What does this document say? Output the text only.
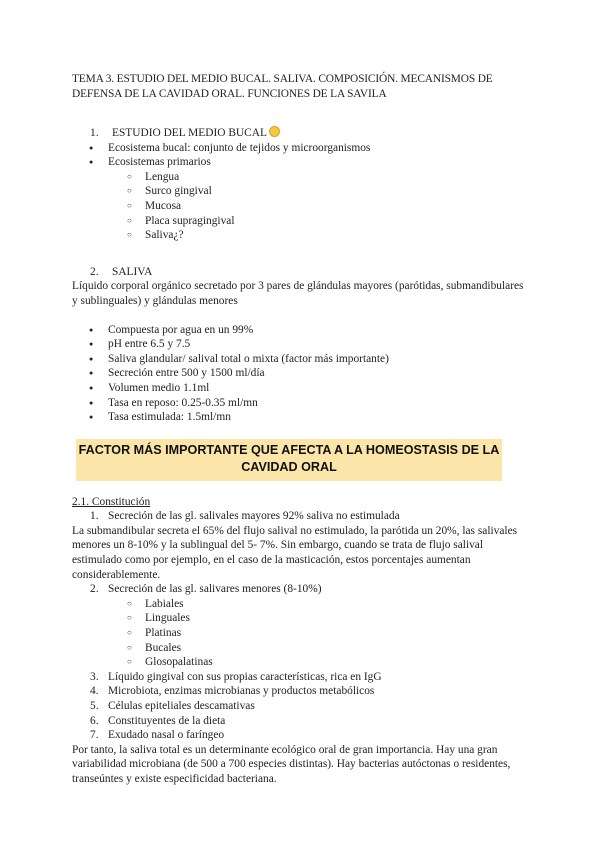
TEMA 3. ESTUDIO DEL MEDIO BUCAL. SALIVA. COMPOSICIÓN. MECANISMOS DE DEFENSA DE LA CAVIDAD ORAL. FUNCIONES DE LA SAVILA

1.	ESTUDIO DEL MEDIO BUCAL
● Ecosistema bucal: conjunto de tejidos y microorganismos
● Ecosistemas primarios
○ Lengua
○ Surco gingival
○ Mucosa
○ Placa supragingival
○ Saliva¿?
2.	SALIVA

Líquido corporal orgánico secretado por 3 pares de glándulas mayores (parótidas, submandibulares y sublinguales) y glándulas menores

● Compuesta por agua en un 99%
● pH entre 6.5 y 7.5
● Saliva glandular/ salival total o mixta (factor más importante)
● Secreción entre 500 y 1500 ml/día
● Volumen medio 1.1ml
● Tasa en reposo: 0.25-0.35 ml/mn
● Tasa estimulada: 1.5ml/mn
FACTOR MÁS IMPORTANTE QUE AFECTA A LA HOMEOSTASIS DE LA CAVIDAD ORAL
2.1. Constitución
1. Secreción de las gl. salivales mayores 92% saliva no estimulada

La submandibular secreta el 65% del flujo salival no estimulado, la parótida un 20%, las salivales menores un 8-10% y la sublingual del 5- 7%. Sin embargo, cuando se trata de flujo salival estimulado como por ejemplo, en el caso de la masticación, estos porcentajes aumentan considerablemente.

2. Secreción de las gl. salivares menores (8-10%)
○ Labiales
○ Linguales
○ Platinas
○ Bucales
○ Glosopalatinas
3. Líquido gingival con sus propias características, rica en IgG
4. Microbiota, enzimas microbianas y productos metabólicos
5. Células epiteliales descamativas
6. Constituyentes de la dieta
7. Exudado nasal o faríngeo

Por tanto, la saliva total es un determinante ecológico oral de gran importancia. Hay una gran variabilidad microbiana (de 500 a 700 especies distintas). Hay bacterias autóctonas o residentes, transeúntes y existe especificidad bacteriana.
